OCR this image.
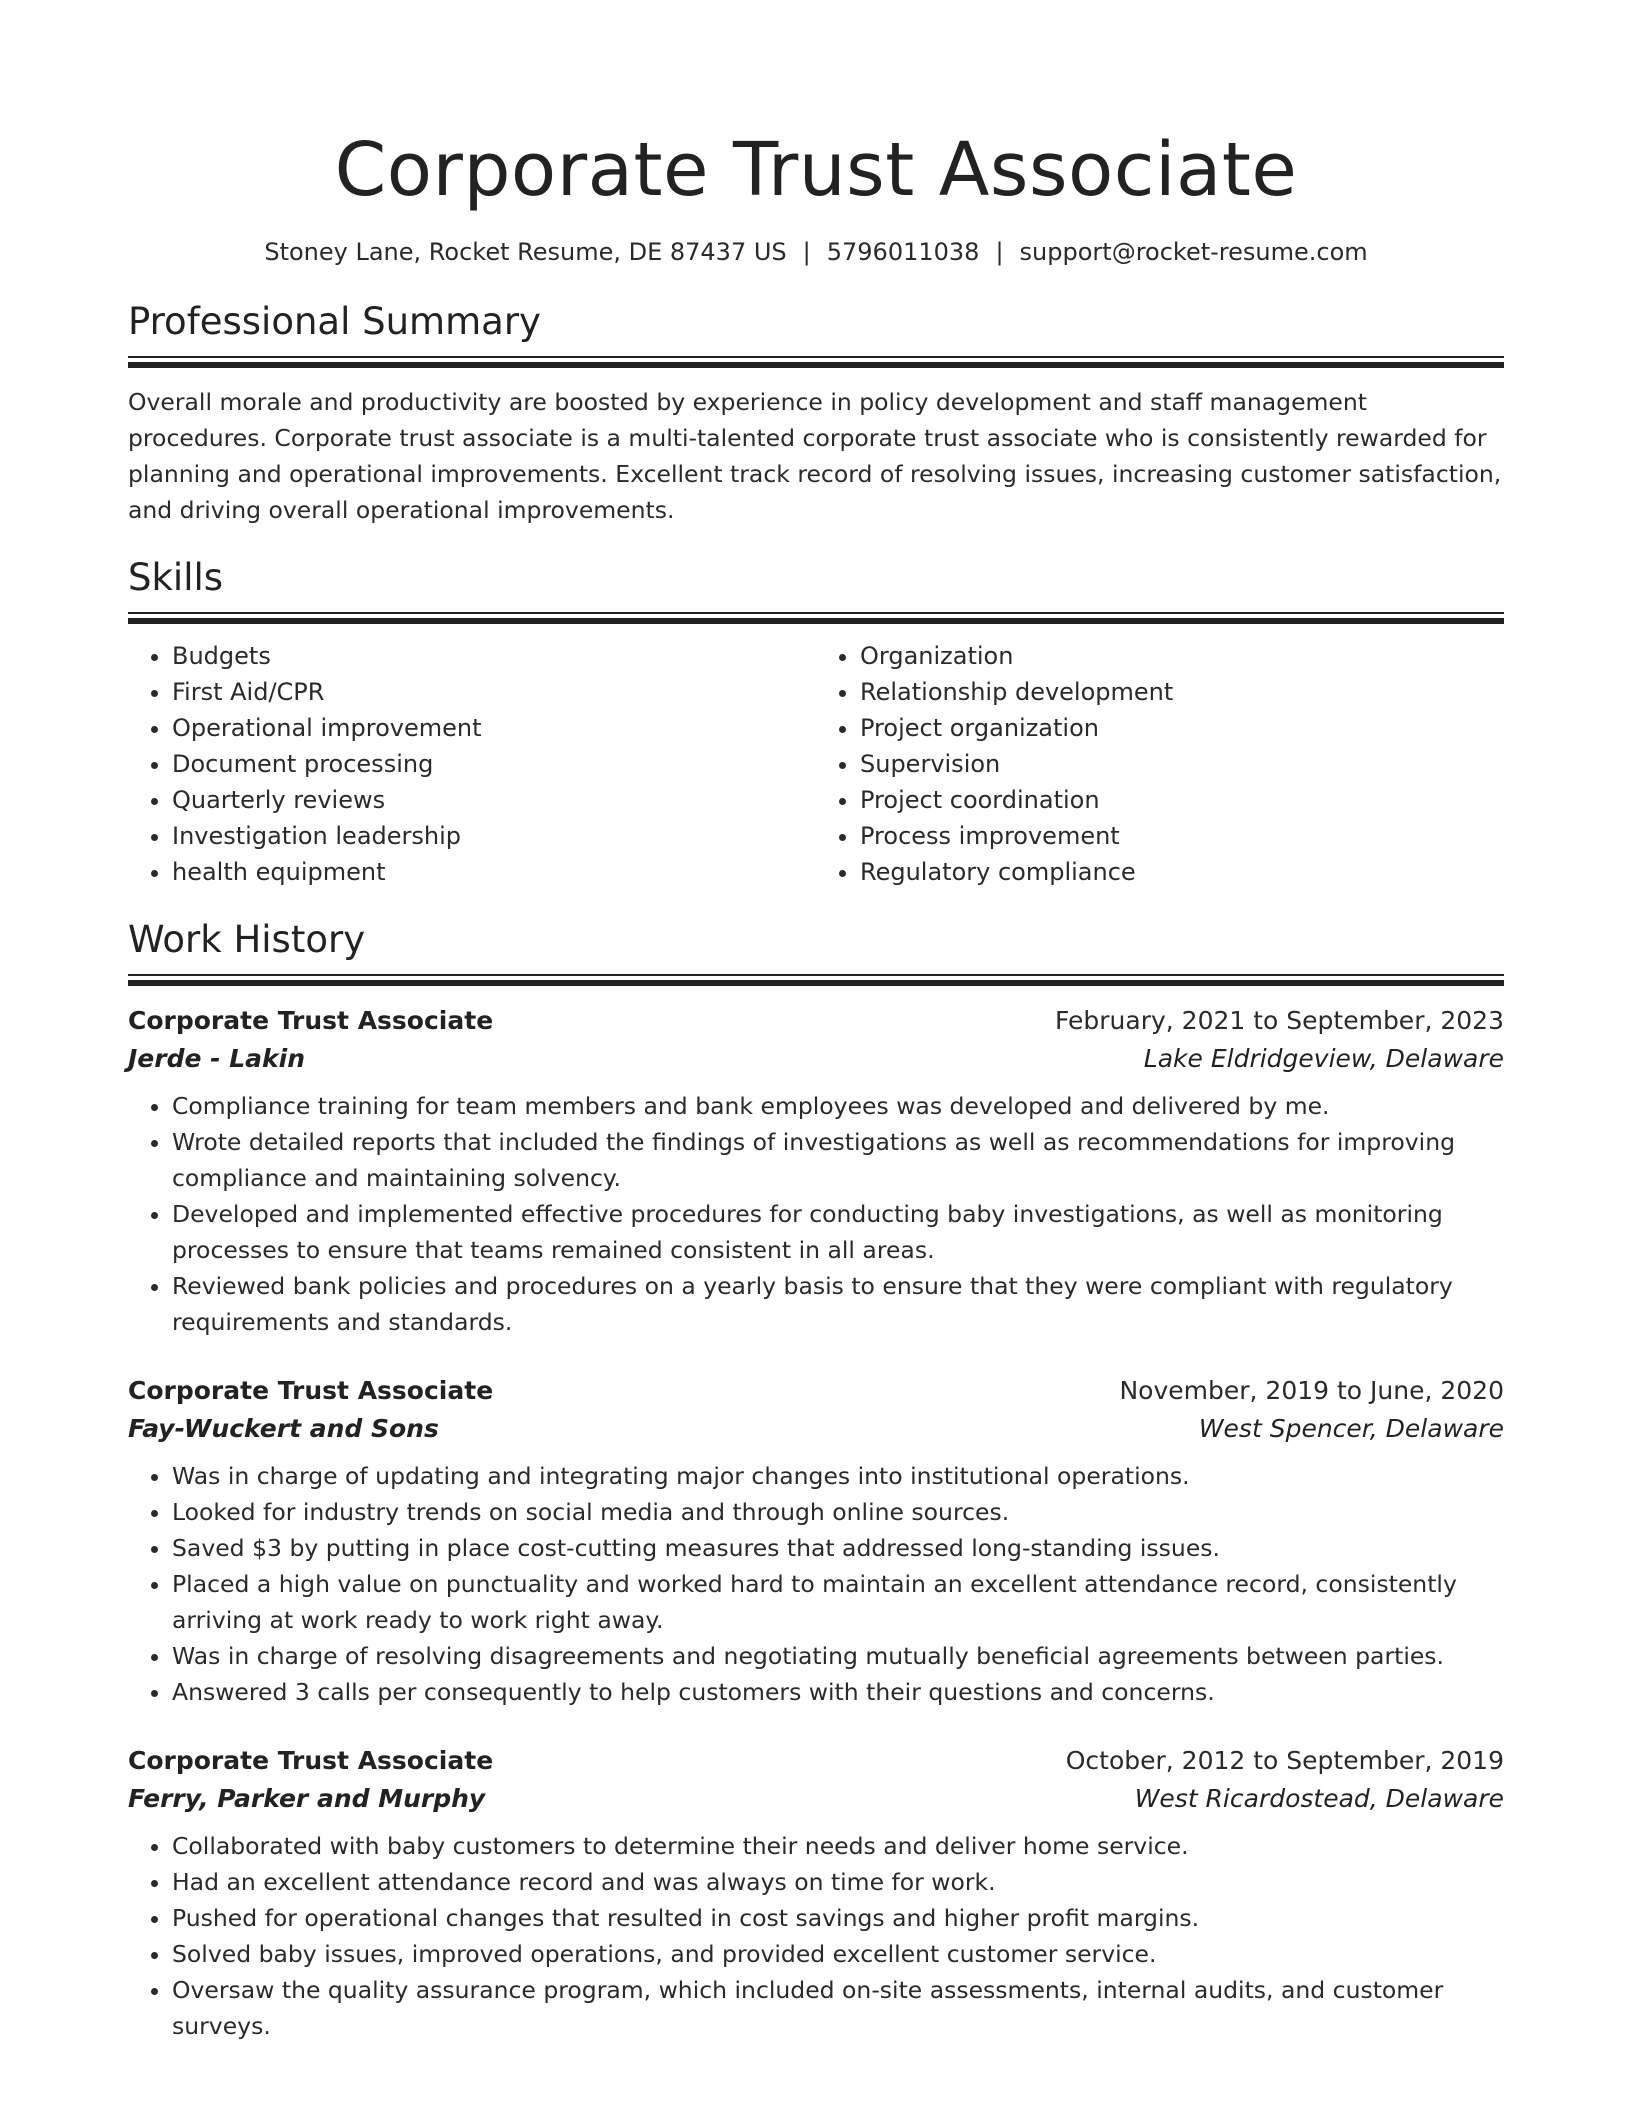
Corporate Trust Associate
Stoney Lane, Rocket Resume, DE 87437 US | 5796011038 | support@rocket-resume.com
Professional Summary

Overall morale and productivity are boosted by experience in policy development and staff management procedures. Corporate trust associate is a multi-talented corporate trust associate who is consistently rewarded for planning and operational improvements. Excellent track record of resolving issues, increasing customer satisfaction, and driving overall operational improvements.

Skills
• Budgets
• First Aid/CPR
• Operational improvement
• Document processing
• Quarterly reviews
• Investigation leadership
• health equipment
• Organization
• Relationship development
• Project organization
• Supervision
• Project coordination
• Process improvement
• Regulatory compliance
Work History
Corporate Trust Associate	February, 2021 to September, 2023
Jerde - Lakin	Lake Eldridgeview, Delaware
• Compliance training for team members and bank employees was developed and delivered by me.
• Wrote detailed reports that included the findings of investigations as well as recommendations for improving compliance and maintaining solvency.
• Developed and implemented effective procedures for conducting baby investigations, as well as monitoring processes to ensure that teams remained consistent in all areas.
• Reviewed bank policies and procedures on a yearly basis to ensure that they were compliant with regulatory requirements and standards.
Corporate Trust Associate	November, 2019 to June, 2020
Fay-Wuckert and Sons	West Spencer, Delaware
• Was in charge of updating and integrating major changes into institutional operations.
• Looked for industry trends on social media and through online sources.
• Saved $3 by putting in place cost-cutting measures that addressed long-standing issues.
• Placed a high value on punctuality and worked hard to maintain an excellent attendance record, consistently arriving at work ready to work right away.
• Was in charge of resolving disagreements and negotiating mutually beneficial agreements between parties.
• Answered 3 calls per consequently to help customers with their questions and concerns.
Corporate Trust Associate	October, 2012 to September, 2019
Ferry, Parker and Murphy	West Ricardostead, Delaware
• Collaborated with baby customers to determine their needs and deliver home service.
• Had an excellent attendance record and was always on time for work.
• Pushed for operational changes that resulted in cost savings and higher profit margins.
• Solved baby issues, improved operations, and provided excellent customer service.
• Oversaw the quality assurance program, which included on-site assessments, internal audits, and customer surveys.
